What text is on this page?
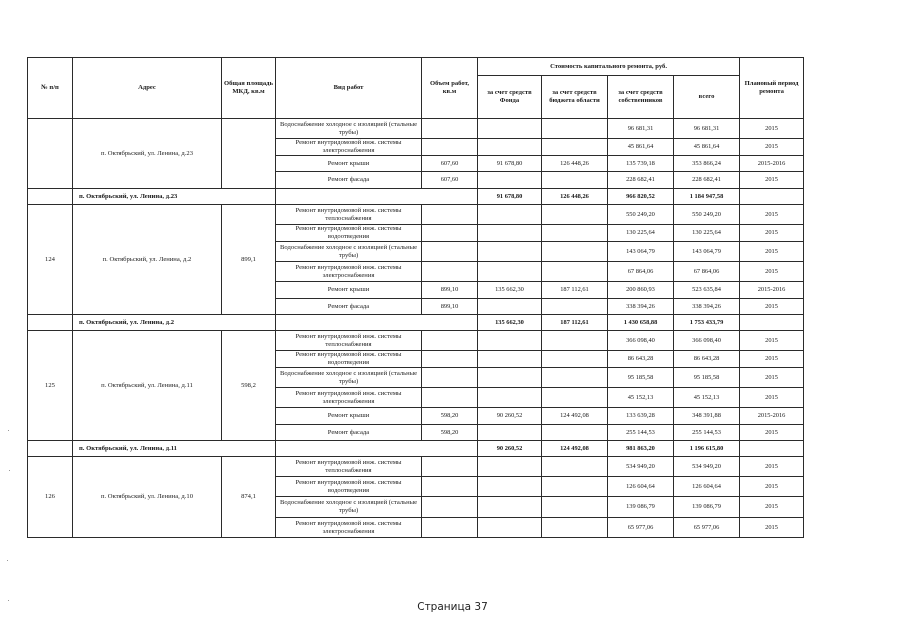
№ п/п	Адрес	Общая площадь МКД, кв.м	Вид работ	Объем работ, кв.м	Стоимость капитального ремонта, руб.				Плановый период ремонта
					за счет средств Фонда	за счет средств бюджета области	за счет средств собственников	всего	
	п. Октябрьский, ул. Ленина, д.23		Водоснабжение холодное с изоляцией (стальные трубы)				96 681,31	96 681,31	2015
			Ремонт внутридомовой инж. системы электроснабжения				45 861,64	45 861,64	2015
			Ремонт крыши	607,60	91 678,80	126 448,26	135 739,18	353 866,24	2015-2016
			Ремонт фасада	607,60			228 682,41	228 682,41	2015
	п. Октябрьский, ул. Ленина, д.23				91 678,80	126 448,26	966 820,52	1 184 947,58	
124	п. Октябрьский, ул. Ленина, д.2	899,1	Ремонт внутридомовой инж. системы теплоснабжения				550 249,20	550 249,20	2015
			Ремонт внутридомовой инж. системы водоотведения				130 225,64	130 225,64	2015
			Водоснабжение холодное с изоляцией (стальные трубы)				143 064,79	143 064,79	2015
			Ремонт внутридомовой инж. системы электроснабжения				67 864,06	67 864,06	2015
			Ремонт крыши	899,10	135 662,30	187 112,61	200 860,93	523 635,84	2015-2016
			Ремонт фасада	899,10			338 394,26	338 394,26	2015
	п. Октябрьский, ул. Ленина, д.2				135 662,30	187 112,61	1 430 658,88	1 753 433,79	
125	п. Октябрьский, ул. Ленина, д.11	598,2	Ремонт внутридомовой инж. системы теплоснабжения				366 098,40	366 098,40	2015
			Ремонт внутридомовой инж. системы водоотведения				86 643,28	86 643,28	2015
			Водоснабжение холодное с изоляцией (стальные трубы)				95 185,58	95 185,58	2015
			Ремонт внутридомовой инж. системы электроснабжения				45 152,13	45 152,13	2015
			Ремонт крыши	598,20	90 260,52	124 492,08	133 639,28	348 391,88	2015-2016
			Ремонт фасада	598,20			255 144,53	255 144,53	2015
	п. Октябрьский, ул. Ленина, д.11				90 260,52	124 492,08	981 863,20	1 196 615,80	
126	п. Октябрьский, ул. Ленина, д.10	874,1	Ремонт внутридомовой инж. системы теплоснабжения				534 949,20	534 949,20	2015
			Ремонт внутридомовой инж. системы водоотведения				126 604,64	126 604,64	2015
			Водоснабжение холодное с изоляцией (стальные трубы)				139 086,79	139 086,79	2015
			Ремонт внутридомовой инж. системы электроснабжения				65 977,06	65 977,06	2015
Страница 37
